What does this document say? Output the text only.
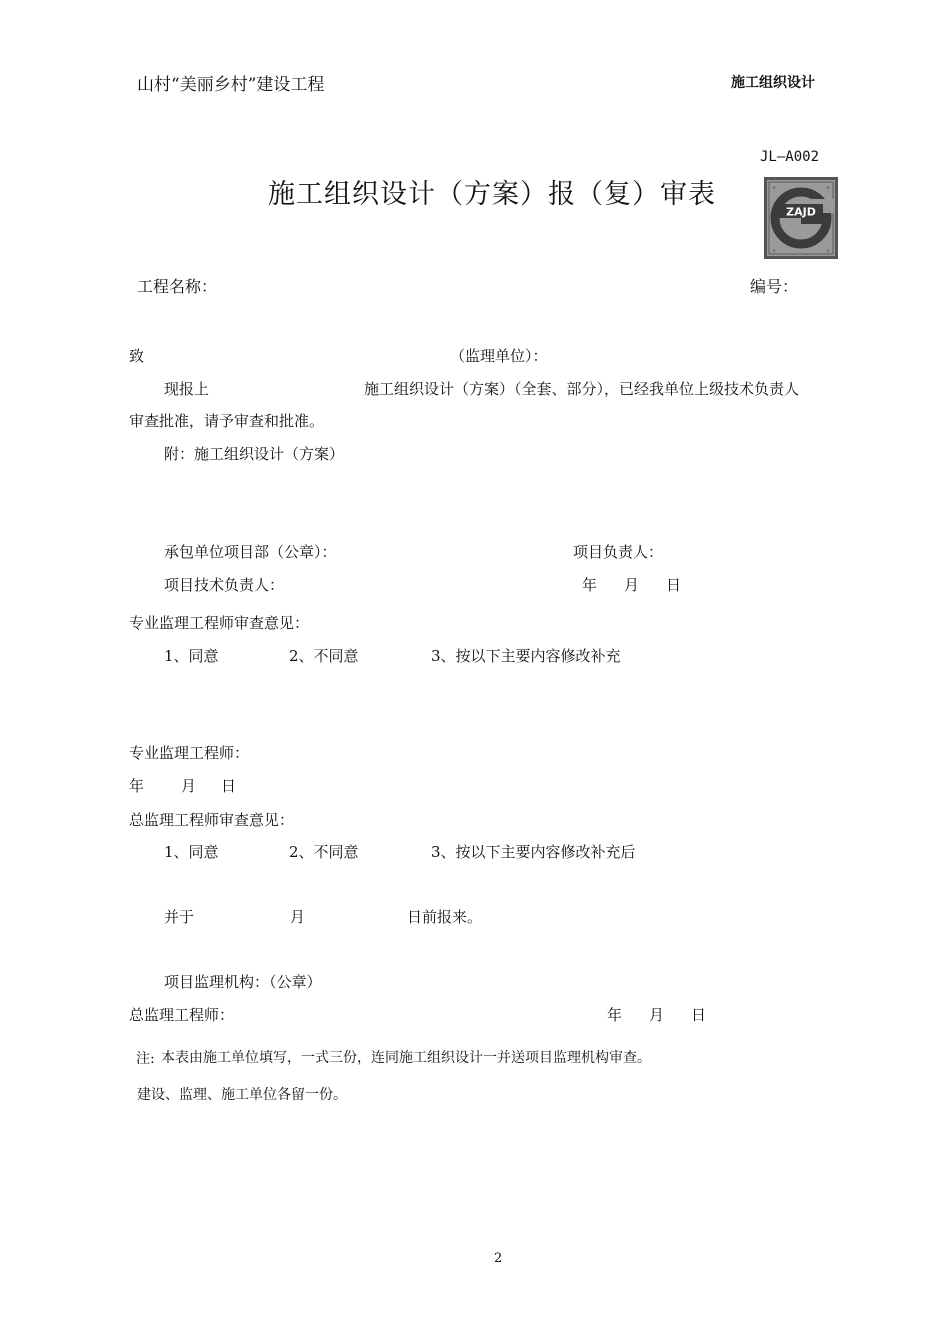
山村“美丽乡村”建设工程	施工组织设计
JL—A002
施工组织设计（方案）报（复）审表
ZAJD
×	×
×	×
工程名称：	编号：
致	（监理单位）：
现报上	施工组织设计（方案）（全套、部分），已经我单位上级技术负责人
审查批准，请予审查和批准。
附：施工组织设计（方案）
承包单位项目部（公章）：	项目负责人：
项目技术负责人：	年 月 日
专业监理工程师审查意见：
1、同意	2、不同意	3、按以下主要内容修改补充
专业监理工程师：
年 月 日
总监理工程师审查意见：
1、同意	2、不同意	3、按以下主要内容修改补充后
并于	月	日前报来。
项目监理机构：（公章）
总监理工程师：	年 月 日
注: 本表由施工单位填写，一式三份，连同施工组织设计一并送项目监理机构审查。
建设、监理、施工单位各留一份。
2
